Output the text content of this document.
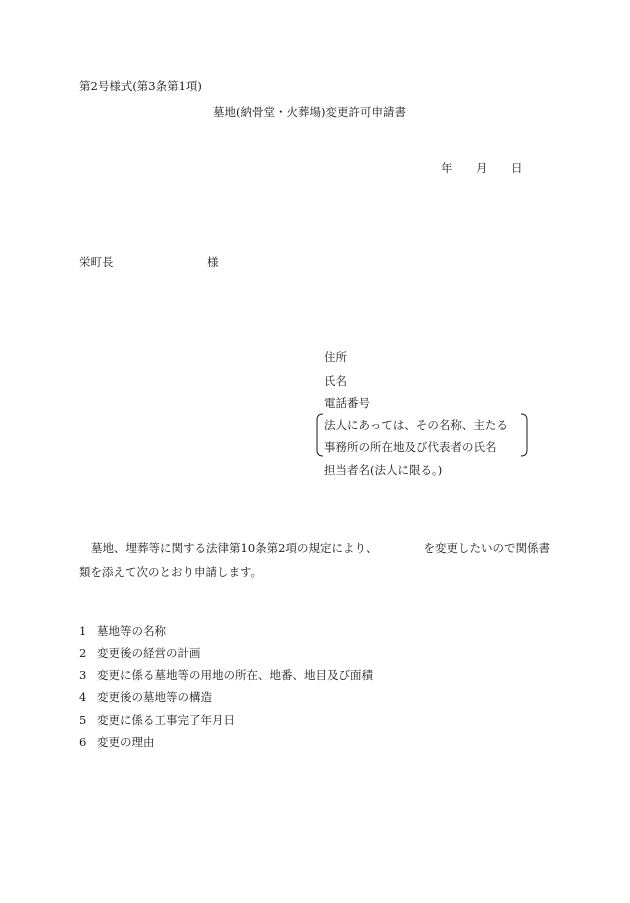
第2号様式(第3条第1項)
墓地(納骨堂・火葬場)変更許可申請書
年 月 日
栄町長	様
住所
氏名
電話番号
法人にあっては、その名称、主たる
事務所の所在地及び代表者の氏名
担当者名(法人に限る。)
墓地、埋葬等に関する法律第10条第2項の規定により、	を変更したいので関係書
類を添えて次のとおり申請します。
1 墓地等の名称
2 変更後の経営の計画
3 変更に係る墓地等の用地の所在、地番、地目及び面積
4 変更後の墓地等の構造
5 変更に係る工事完了年月日
6 変更の理由
